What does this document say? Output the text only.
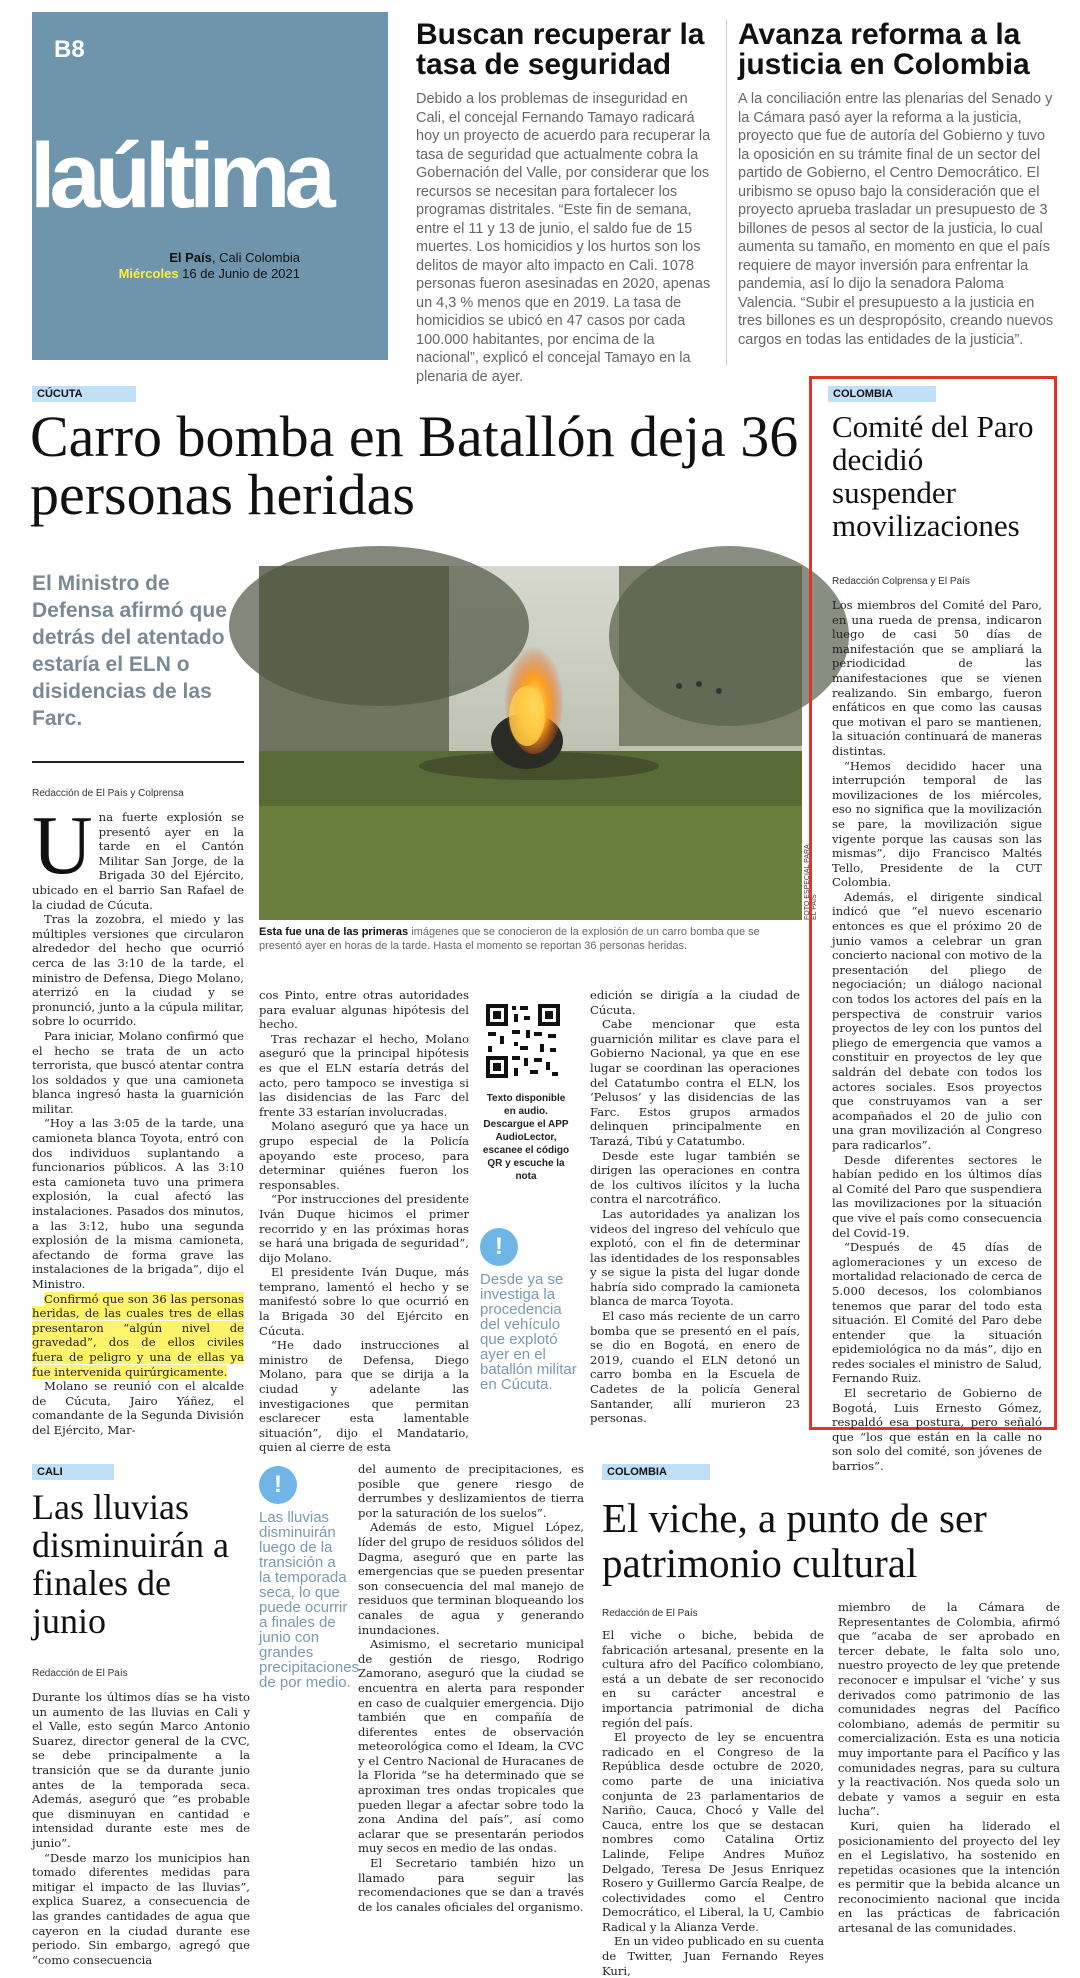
B8
laúltima
El País, Cali Colombia
Miércoles 16 de Junio de 2021
Buscan recuperar la tasa de seguridad

Debido a los problemas de inseguridad en Cali, el concejal Fernando Tamayo radicará hoy un proyecto de acuerdo para recuperar la tasa de seguridad que actualmente cobra la Gobernación del Valle, por considerar que los recursos se necesitan para fortalecer los programas distritales. “Este fin de semana, entre el 11 y 13 de junio, el saldo fue de 15 muertes. Los homicidios y los hurtos son los delitos de mayor alto impacto en Cali. 1078 personas fueron asesinadas en 2020, apenas un 4,3 % menos que en 2019. La tasa de homicidios se ubicó en 47 casos por cada 100.000 habitantes, por encima de la nacional”, explicó el concejal Tamayo en la plenaria de ayer.

Avanza reforma a la justicia en Colombia

A la conciliación entre las plenarias del Senado y la Cámara pasó ayer la reforma a la justicia, proyecto que fue de autoría del Gobierno y tuvo la oposición en su trámite final de un sector del partido de Gobierno, el Centro Democrático. El uribismo se opuso bajo la consideración que el proyecto aprueba trasladar un presupuesto de 3 billones de pesos al sector de la justicia, lo cual aumenta su tamaño, en momento en que el país requiere de mayor inversión para enfrentar la pandemia, así lo dijo la senadora Paloma Valencia. “Subir el presupuesto a la justicia en tres billones es un despropósito, creando nuevos cargos en todas las entidades de la justicia”.

CÚCUTA
Carro bomba en Batallón deja 36 personas heridas
El Ministro de Defensa afirmó que detrás del atentado estaría el ELN o disidencias de las Farc.
Redacción de El País y Colprensa
FOTO ESPECIAL PARA EL PAÍS
Esta fue una de las primeras imágenes que se conocieron de la explosión de un carro bomba que se presentó ayer en horas de la tarde. Hasta el momento se reportan 36 personas heridas.

Una fuerte explosión se presentó ayer en la tarde en el Cantón Militar San Jorge, de la Brigada 30 del Ejército, ubicado en el barrio San Rafael de la ciudad de Cúcuta.

Tras la zozobra, el miedo y las múltiples versiones que circularon alrededor del hecho que ocurrió cerca de las 3:10 de la tarde, el ministro de Defensa, Diego Molano, aterrizó en la ciudad y se pronunció, junto a la cúpula militar, sobre lo ocurrido.

Para iniciar, Molano confirmó que el hecho se trata de un acto terrorista, que buscó atentar contra los soldados y que una camioneta blanca ingresó hasta la guarnición militar.

“Hoy a las 3:05 de la tarde, una camioneta blanca Toyota, entró con dos individuos suplantando a funcionarios públicos. A las 3:10 esta camioneta tuvo una primera explosión, la cual afectó las instalaciones. Pasados dos minutos, a las 3:12, hubo una segunda explosión de la misma camioneta, afectando de forma grave las instalaciones de la brigada”, dijo el Ministro.

Confirmó que son 36 las personas heridas, de las cuales tres de ellas presentaron “algún nivel de gravedad”, dos de ellos civiles fuera de peligro y una de ellas ya fue intervenida quirúrgicamente.

Molano se reunió con el alcalde de Cúcuta, Jairo Yáñez, el comandante de la Segunda División del Ejército, Mar-

cos Pinto, entre otras autoridades para evaluar algunas hipótesis del hecho.

Tras rechazar el hecho, Molano aseguró que la principal hipótesis es que el ELN estaría detrás del acto, pero tampoco se investiga si las disidencias de las Farc del frente 33 estarían involucradas.

Molano aseguró que ya hace un grupo especial de la Policía apoyando este proceso, para determinar quiénes fueron los responsables.

“Por instrucciones del presidente Iván Duque hicimos el primer recorrido y en las próximas horas se hará una brigada de seguridad”, dijo Molano.

El presidente Iván Duque, más temprano, lamentó el hecho y se manifestó sobre lo que ocurrió en la Brigada 30 del Ejército en Cúcuta.

“He dado instrucciones al ministro de Defensa, Diego Molano, para que se dirija a la ciudad y adelante las investigaciones que permitan esclarecer esta lamentable situación”, dijo el Mandatario, quien al cierre de esta

Texto disponible en audio. Descargue el APP AudioLector, escanee el código QR y escuche la nota
!
Desde ya se investiga la procedencia del vehículo que explotó ayer en el batallón militar en Cúcuta.

edición se dirigía a la ciudad de Cúcuta.

Cabe mencionar que esta guarnición militar es clave para el Gobierno Nacional, ya que en ese lugar se coordinan las operaciones del Catatumbo contra el ELN, los ‘Pelusos’ y las disidencias de las Farc. Estos grupos armados delinquen principalmente en Tarazá, Tibú y Catatumbo.

Desde este lugar también se dirigen las operaciones en contra de los cultivos ilícitos y la lucha contra el narcotráfico.

Las autoridades ya analizan los videos del ingreso del vehículo que explotó, con el fin de determinar las identidades de los responsables y se sigue la pista del lugar donde habría sido comprado la camioneta blanca de marca Toyota.

El caso más reciente de un carro bomba que se presentó en el país, se dio en Bogotá, en enero de 2019, cuando el ELN detonó un carro bomba en la Escuela de Cadetes de la policía General Santander, allí murieron 23 personas.

COLOMBIA
Comité del Paro decidió suspender movilizaciones
Redacción Colprensa y El País

Los miembros del Comité del Paro, en una rueda de prensa, indicaron luego de casi 50 días de manifestación que se ampliará la periodicidad de las manifestaciones que se vienen realizando. Sin embargo, fueron enfáticos en que como las causas que motivan el paro se mantienen, la situación continuará de maneras distintas.

“Hemos decidido hacer una interrupción temporal de las movilizaciones de los miércoles, eso no significa que la movilización se pare, la movilización sigue vigente porque las causas son las mismas”, dijo Francisco Maltés Tello, Presidente de la CUT Colombia.

Además, el dirigente sindical indicó que “el nuevo escenario entonces es que el próximo 20 de junio vamos a celebrar un gran concierto nacional con motivo de la presentación del pliego de negociación; un diálogo nacional con todos los actores del país en la perspectiva de construir varios proyectos de ley con los puntos del pliego de emergencia que vamos a constituir en proyectos de ley que saldrán del debate con todos los actores sociales. Esos proyectos que construyamos van a ser acompañados el 20 de julio con una gran movilización al Congreso para radicarlos”.

Desde diferentes sectores le habían pedido en los últimos días al Comité del Paro que suspendiera las movilizaciones por la situación que vive el país como consecuencia del Covid-19.

“Después de 45 días de aglomeraciones y un exceso de mortalidad relacionado de cerca de 5.000 decesos, los colombianos tenemos que parar del todo esta situación. El Comité del Paro debe entender que la situación epidemiológica no da más”, dijo en redes sociales el ministro de Salud, Fernando Ruiz.

El secretario de Gobierno de Bogotá, Luis Ernesto Gómez, respaldó esa postura, pero señaló que “los que están en la calle no son solo del comité, son jóvenes de barrios”.

CALI
Las lluvias disminuirán a finales de junio
Redacción de El País

Durante los últimos días se ha visto un aumento de las lluvias en Cali y el Valle, esto según Marco Antonio Suarez, director general de la CVC, se debe principalmente a la transición que se da durante junio antes de la temporada seca. Además, aseguró que “es probable que disminuyan en cantidad e intensidad durante este mes de junio”.

“Desde marzo los municipios han tomado diferentes medidas para mitigar el impacto de las lluvias”, explica Suarez, a consecuencia de las grandes cantidades de agua que cayeron en la ciudad durante ese periodo. Sin embargo, agregó que “como consecuencia

!
Las lluvias disminuirán luego de la transición a la temporada seca, lo que puede ocurrir a finales de junio con grandes precipitaciones de por medio.

del aumento de precipitaciones, es posible que genere riesgo de derrumbes y deslizamientos de tierra por la saturación de los suelos”.

Además de esto, Miguel López, líder del grupo de residuos sólidos del Dagma, aseguró que en parte las emergencias que se pueden presentar son consecuencia del mal manejo de residuos que terminan bloqueando los canales de agua y generando inundaciones.

Asimismo, el secretario municipal de gestión de riesgo, Rodrigo Zamorano, aseguró que la ciudad se encuentra en alerta para responder en caso de cualquier emergencia. Dijo también que en compañía de diferentes entes de observación meteorológica como el Ideam, la CVC y el Centro Nacional de Huracanes de la Florida “se ha determinado que se aproximan tres ondas tropicales que pueden llegar a afectar sobre todo la zona Andina del país”, así como aclarar que se presentarán periodos muy secos en medio de las ondas.

El Secretario también hizo un llamado para seguir las recomendaciones que se dan a través de los canales oficiales del organismo.

COLOMBIA
El viche, a punto de ser patrimonio cultural
Redacción de El País

El viche o biche, bebida de fabricación artesanal, presente en la cultura afro del Pacífico colombiano, está a un debate de ser reconocido en su carácter ancestral e importancia patrimonial de dicha región del país.

El proyecto de ley se encuentra radicado en el Congreso de la República desde octubre de 2020, como parte de una iniciativa conjunta de 23 parlamentarios de Nariño, Cauca, Chocó y Valle del Cauca, entre los que se destacan nombres como Catalina Ortiz Lalinde, Felipe Andres Muñoz Delgado, Teresa De Jesus Enriquez Rosero y Guillermo García Realpe, de colectividades como el Centro Democrático, el Liberal, la U, Cambio Radical y la Alianza Verde.

En un video publicado en su cuenta de Twitter, Juan Fernando Reyes Kuri,

miembro de la Cámara de Representantes de Colombia, afirmó que “acaba de ser aprobado en tercer debate, le falta solo uno, nuestro proyecto de ley que pretende reconocer e impulsar el ‘viche’ y sus derivados como patrimonio de las comunidades negras del Pacífico colombiano, además de permitir su comercialización. Esta es una noticia muy importante para el Pacífico y las comunidades negras, para su cultura y la reactivación. Nos queda solo un debate y vamos a seguir en esta lucha”.

Kuri, quien ha liderado el posicionamiento del proyecto del ley en el Legislativo, ha sostenido en repetidas ocasiones que la intención es permitir que la bebida alcance un reconocimiento nacional que incida en las prácticas de fabricación artesanal de las comunidades.
